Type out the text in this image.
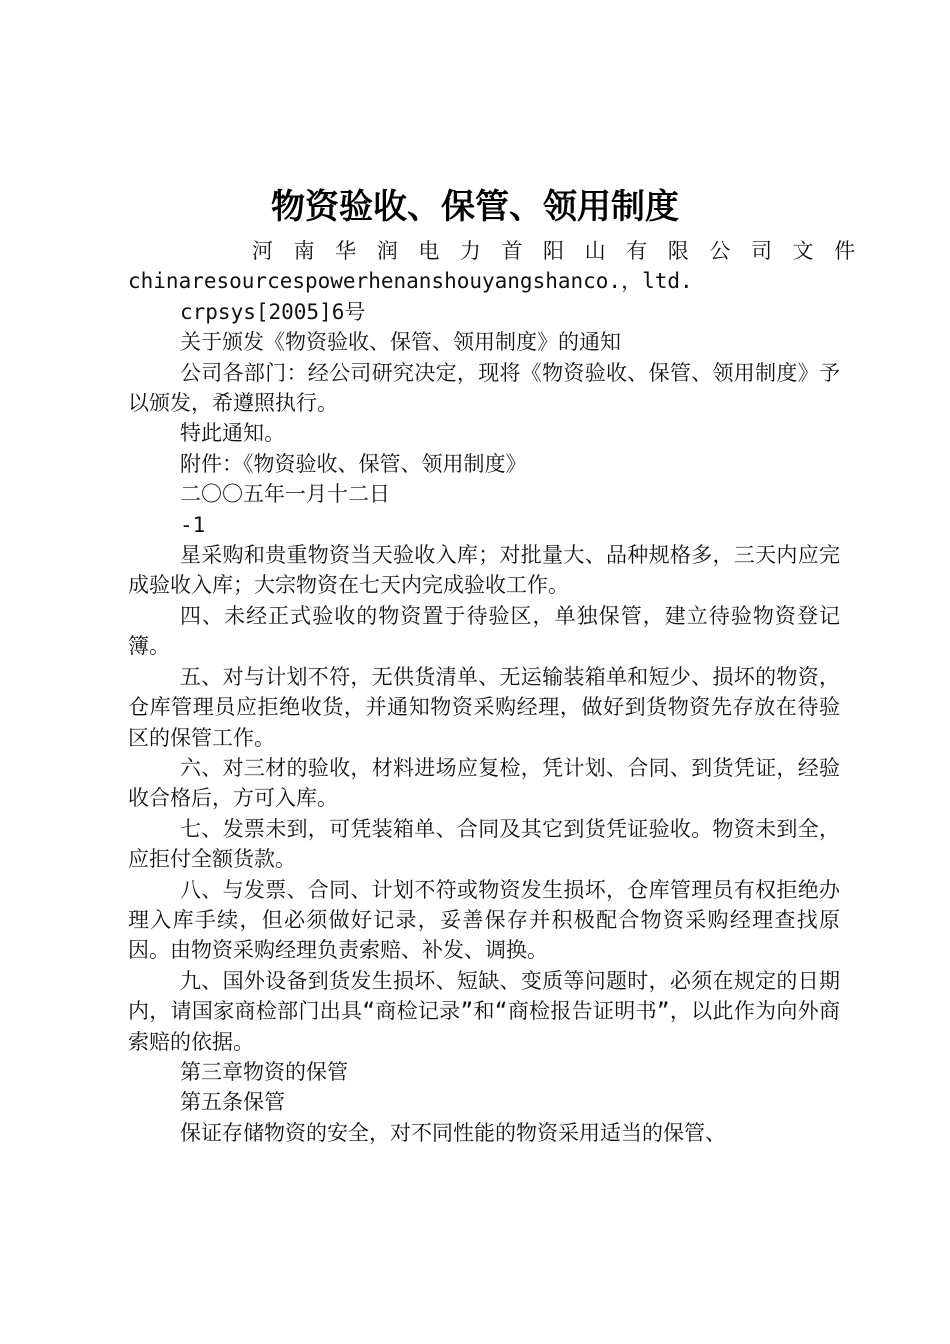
物资验收、保管、领用制度

河南华润电力首阳山有限公司文件

chinaresourcespowerhenanshouyangshanco.，ltd.

crpsys[2005]6号

关于颁发《物资验收、保管、领用制度》的通知

公司各部门：经公司研究决定，现将《物资验收、保管、领用制度》予以颁发，希遵照执行。

特此通知。

附件：《物资验收、保管、领用制度》

二〇〇五年一月十二日

-1

星采购和贵重物资当天验收入库；对批量大、品种规格多，三天内应完成验收入库；大宗物资在七天内完成验收工作。

四、未经正式验收的物资置于待验区，单独保管，建立待验物资登记簿。

五、对与计划不符，无供货清单、无运输装箱单和短少、损坏的物资，仓库管理员应拒绝收货，并通知物资采购经理，做好到货物资先存放在待验区的保管工作。

六、对三材的验收，材料进场应复检，凭计划、合同、到货凭证，经验收合格后，方可入库。

七、发票未到，可凭装箱单、合同及其它到货凭证验收。物资未到全，应拒付全额货款。

八、与发票、合同、计划不符或物资发生损坏，仓库管理员有权拒绝办理入库手续，但必须做好记录，妥善保存并积极配合物资采购经理查找原因。由物资采购经理负责索赔、补发、调换。

九、国外设备到货发生损坏、短缺、变质等问题时，必须在规定的日期内，请国家商检部门出具“商检记录”和“商检报告证明书”，以此作为向外商索赔的依据。

第三章物资的保管

第五条保管

保证存储物资的安全，对不同性能的物资采用适当的保管、
